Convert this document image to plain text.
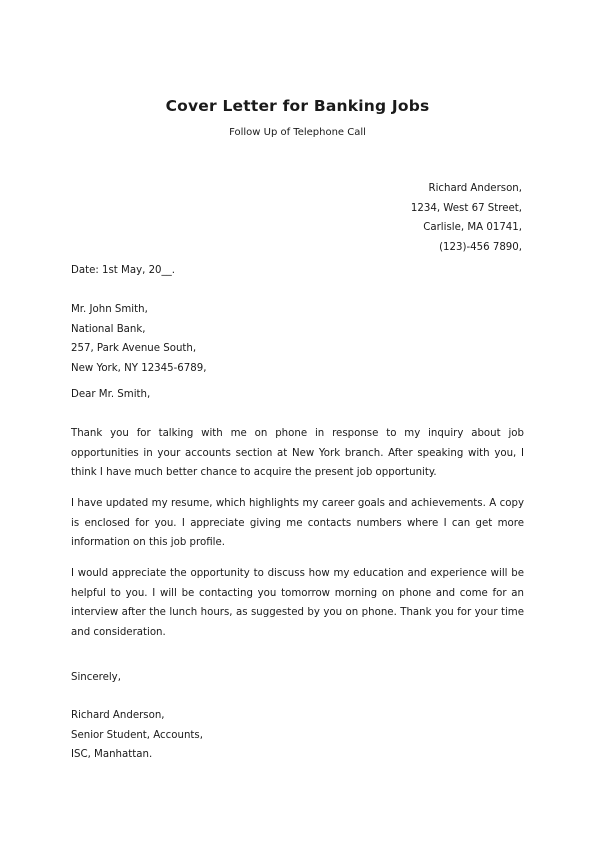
Cover Letter for Banking Jobs
Follow Up of Telephone Call
Richard Anderson,
1234, West 67 Street,
Carlisle, MA 01741,
(123)-456 7890,
Date: 1st May, 20__.
Mr. John Smith,
National Bank,
257, Park Avenue South,
New York, NY 12345-6789,
Dear Mr. Smith,
Thank you for talking with me on phone in response to my inquiry about job opportunities in your accounts section at New York branch. After speaking with you, I think I have much better chance to acquire the present job opportunity.
I have updated my resume, which highlights my career goals and achievements. A copy is enclosed for you. I appreciate giving me contacts numbers where I can get more information on this job profile.
I would appreciate the opportunity to discuss how my education and experience will be helpful to you. I will be contacting you tomorrow morning on phone and come for an interview after the lunch hours, as suggested by you on phone. Thank you for your time and consideration.
Sincerely,
Richard Anderson,
Senior Student, Accounts,
ISC, Manhattan.
